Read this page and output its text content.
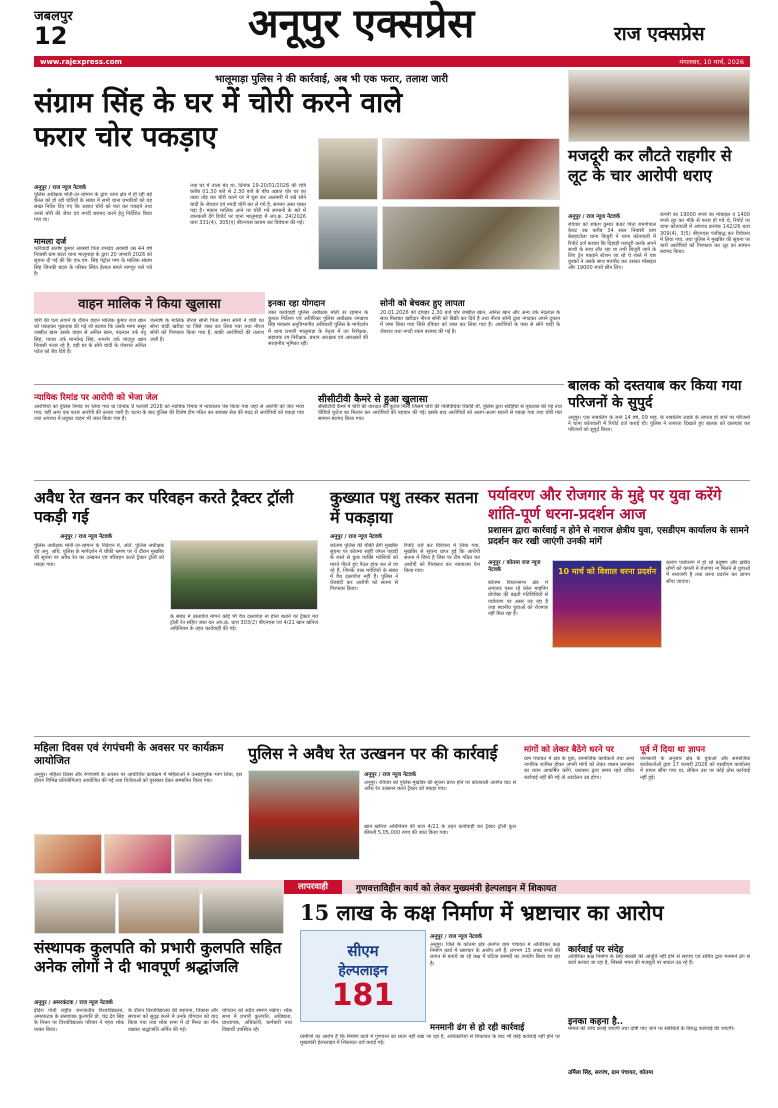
जबलपुर
12	अनूपुर एक्सप्रेस	राज एक्सप्रेस
www.rajexpress.com	मंगलवार, 10 मार्च, 2026
भालूमाड़ा पुलिस ने की कार्रवाई, अब भी एक फरार, तलाश जारी
संग्राम सिंह के घर में चोरी करने वाले फरार चोर पकड़ाए
अनूपुर / राज न्यूज नेटवर्क
पुलिस अधीक्षक मोती-उर-रहमान के द्वारा थाना क्षेत्र में हो रही बड़े चैनल को हो रही चोरियों के संबंध में सभी थाना प्रभारियों को यह सख्त निर्देश दिए गए कि अज्ञात चोरों को पता कर पकड़ने तथा उनसे चोरी की जेवर एवं नगदी बरामद करने हेतु निर्देशित किया गया था।
मामला दर्ज
फरियादी संतोष कुमार अवस्थी पिता रामदेव अवस्थी उम्र 44 वर्ष निवासी ग्राम बदरा थाना भालूमाड़ा के द्वारा 20 जनवरी 2026 को सूचना दी गई की कि एफ.एम. सिंह पेट्रोल पम्प के मालिक संग्राम सिंह जिनकी बदरा के परिसर स्थित हेलाल बगले नागपुर चले गये है।
तथा घर में ताला बंद था, दिनांक 19-20/01/2026 की रात्रि करीब 01.30 बजे से 2.30 बजे के बीच अज्ञात चोर घर का ताला तोड़ कर चोरी करने घर में घुस कर अलमारी में रखे सोने चांदी के जेवरात एवं नगदी चोरी कर ले गये है, सामान अस्त व्यस्त पड़ा है। मकान मालिक आने पर चोरी गये सामानों के बारे में जानकारी देंगे रिपोर्ट पर थाना भालूमाड़ा में अप.क्र. 24/2026 धारा 331(4), 305(ए) बीएनएस कायम कर विवेचना की गई।
वाहन मालिक ने किया खुलासा
चोरी की पता लगाने के दौरान वाहन मालिक कुमार राज खान को पकड़कर पूछताछ की गई जो बताया कि उसके मामा ससुर जब्बील खान उसके वाहन से अनिल खान, नंदलाल उर्फ नंदू सिंह, पातार उर्फ मानवेन्द्र सिंह, शमशेर उर्फ चांदपुर खान निवासी फरार रहे है, वही घर के सोने चांदी के जेवरात अनिल पटेल को बेच दिये हैं।
जलवर्ष के मालिक नीरज सोनी पिता उमेश सोनी ने चोरी का सोना चांदी खरीदा था जिसे जब्त कर लिया गया तथा नीरज सोनी को गिरफ्तार किया गया है, बाकी आरोपियों की तलाश जारी है।
इनका रहा योगदान
उक्त कार्यवाही पुलिस अधीक्षक मोती उर रहमान के कुशल निर्देशन एवं अतिरिक्त पुलिस अधीक्षक जगन्नाथ सिंह मरकाम अनुविभागीय अधिकारी पुलिस के मार्गदर्शन में थाना प्रभारी भालूमाड़ा के नेतृत्व में उप निरीक्षक, सहायक उप निरीक्षक, प्रधान आरक्षक एवं आरक्षकों की सराहनीय भूमिका रही।
सोनी को बेचकर हुए लापता
20.01.2026 को दोपहर 2.30 बजे चोर जब्बील खान, अनिल खान और अन्य उर्फ नंदलाल के साथ मिलकर खरीदार नीरज सोनी को बिक्री कर दिये है तथा नीरज सोनी द्वारा नगदकर अपने दुकान में जमा किया गया जिसे रविवार को जब्त कर लिया गया है। आरोपियों के पास से सोने चांदी के जेवरात तथा नगदी रकम बरामद की गई है।
न्यायिक रिमांड पर आरोपी को भेजा जेल
आरोपियों को पुलिस रिमांड पर लिया गया था दिनांक 9 फरवरी 2026 को न्यायिक रिमांड में न्यायालय पेश किया गया जहां से आरोपी को जेल भेजा गया, वहीं अन्य एक फरार आरोपी की तलाश जारी है। घटना के बाद पुलिस की विशेष टीम गठित कर सायबर सेल की मदद से आरोपियों को पकड़ा गया तथा अपराध में प्रयुक्त वाहन भी जब्त किया गया है।
सीसीटीवी कैमरे से हुआ खुलासा
सीसीटीवी कैमरे में चोरी की वारदात की फुटेज मिली जिसमें चोरों की गतिविधियां रिकॉर्ड थीं, पुलिस द्वारा संदेहियों से पूछताछ की गई तथा वीडियो फुटेज का मिलान कर आरोपियों की पहचान की गई। इसके बाद आरोपियों को अलग-अलग स्थानों से पकड़ा गया तथा चोरी गया सामान बरामद किया गया।
मजदूरी कर लौटते राहगीर से लूट के चार आरोपी धराए
अनूपुर / राज न्यूज नेटवर्क
रविवार को राकेश कुमार केवट पिता रामगोपाल केवट उम्र करीब 34 साल निवासी ग्राम बेलहाटोला थाना बिजुरी ने थाना कोतवाली में रिपोर्ट दर्ज कराया कि दिहाड़ी मजदूरी करके अपने साथी के साथ लौट रहा था तभी बिजुरी जाने के लिए ट्रेन पकड़ने स्टेशन जा रहे थे रास्ते में चार युवकों ने उसके साथ मारपीट कर उसका मोबाइल और 19000 रुपये छीन लिए।
कंपनी का 19000 रुपये का मोबाइल व 1400 रुपये लूट कर मौके से फरार हो गये थे, रिपोर्ट पर थाना कोतवाली में अपराध क्रमांक 142/26 धारा 309(4), 3(5) बीएनएस पंजीबद्ध कर विवेचना में लिया गया, तथा पुलिस ने मुखबिर की सूचना पर चारों आरोपियों को गिरफ्तार कर लूट का सामान बरामद किया।
बालक को दस्तयाब कर किया गया परिजनों के सुपुर्द
अनूपुर। एक नाबालिग के जाने 14 वर्ष, 09 माह, के नाबालिग लड़के के लापता हो जाने पर परिजनों ने थाना कोतवाली में रिपोर्ट दर्ज कराई थी। पुलिस ने तत्परता दिखाते हुए बालक को दस्तयाब कर परिजनों को सुपुर्द किया।
अवैध रेत खनन कर परिवहन करते ट्रैक्टर ट्रॉली पकड़ी गई
अनूपुर / राज न्यूज नेटवर्क
पुलिस अधीक्षक मोती-उर-रहमान के निर्देशन में, अति. पुलिस अधीक्षक एवं अनु. अधि. पुलिस के मार्गदर्शन में चौकी भ्रमण पर थे दौरान मुखबिर की सूचना पर अवैध रेत का उत्खनन एवं परिवहन करते ट्रैक्टर ट्रॉली को पकड़ा गया।
के संबंध में दस्तावेज मांगने कोई भी वैध दस्तावेज ना होना बताने पर ट्रैक्टर मय ट्रॉली रेत सहित जब्त कर अप.क्र. धारा 303(2) बीएनएस एवं 4/21 खान खनिज अधिनियम के तहत कार्यवाही की गई।
कुख्यात पशु तस्कर सतना में पकड़ाया
अनूपुर / राज न्यूज नेटवर्क
कोतमा पुलिस की चौकी ठेंगी मुखबिर सूचना पर कोतमा साहीं जंगल पहाड़ी के रास्ते से कुछ व्यक्ति मवेशियों को मारते पीटते हुए पैदल हांक कर ले जा रहे हैं, जिनके पास मवेशियों के संबंध में वैध दस्तावेज नहीं हैं। पुलिस ने घेराबंदी कर आरोपी को सतना से गिरफ्तार किया।
रिपोर्ट दर्ज कर विवेचना में लिया गया, मुखबिर से सूचना प्राप्त हुई कि आरोपी सतना में छिपा है जिस पर टीम गठित कर आरोपी को गिरफ्तार कर न्यायालय पेश किया गया।
पर्यावरण और रोजगार के मुद्दे पर युवा करेंगे शांति-पूर्ण धरना-प्रदर्शन आज
प्रशासन द्वारा कार्रवाई न होने से नाराज क्षेत्रीय युवा, एसडीएम कार्यालय के सामने प्रदर्शन कर रखी जाएंगी उनकी मांगें
अनूपुर / कोतमा राज न्यूज नेटवर्क
कोतमा विधानसभा क्षेत्र में लगातार पसर रहे कोल माइनिंग प्रोजेक्ट की बढ़ती गतिविधियों से पर्यावरण पर असर पड़ रहा है तथा स्थानीय युवाओं को रोजगार नहीं मिल रहा है।
10 मार्च को विशाल धरना प्रदर्शन
कारण पर्यावरण में हो रहे प्रदूषण और क्षेत्रीय लोगों को कंपनी में रोजगार ना मिलने से युवाओं में नाराजगी है तथा धरना प्रदर्शन कर ज्ञापन सौंपा जाएगा।
महिला दिवस एवं रंगपंचमी के अवसर पर कार्यक्रम आयोजित
अनूपुर। महिला दिवस और रंगपंचमी के अवसर पर आयोजित कार्यक्रम में महिलाओं ने उत्साहपूर्वक भाग लिया, इस दौरान विभिन्न प्रतियोगिताएं आयोजित की गईं तथा विजेताओं को पुरस्कार देकर सम्मानित किया गया।
पुलिस ने अवैध रेत उत्खनन पर की कार्रवाई
अनूपुर / राज न्यूज नेटवर्क
अनूपुर। रविवार को पुलिस मुखबिर की सूचना प्राप्त होने पर कोतवाली अंतर्गत घाट से अवैध रेत उत्खनन करते ट्रैक्टर को पकड़ा गया।
खान खनिज अधिनियम की धारा 4/21 के तहत कार्यवाही कर ट्रैक्टर ट्रॉली कुल कीमती 5,05,000 रुपए की जब्त किया गया।
मांगों को लेकर बैठेंगे धरने पर
ग्राम पंचायत में क्षेत्र के युवा, सामाजिक कार्यकर्ता तथा अन्य नागरिक शामिल होकर अपनी मांगों को लेकर शासन प्रशासन का ध्यान आकर्षित करेंगे, प्रशासन द्वारा समय रहते उचित कार्रवाई नहीं की गई तो आंदोलन उग्र होगा।
पूर्व में दिया था ज्ञापन
जानकारी के अनुसार क्षेत्र के युवाओं और सामाजिक कार्यकर्ताओं द्वारा 17 फरवरी 2026 को एसडीएम कार्यालय में ज्ञापन सौंपा गया था, लेकिन उस पर कोई ठोस कार्रवाई नहीं हुई।
लापरवाही	गुणवत्ताविहीन कार्य को लेकर मुख्यमंत्री हेल्पलाइन में शिकायत
संस्थापक कुलपति को प्रभारी कुलपति सहित अनेक लोगों ने दी भावपूर्ण श्रद्धांजलि
अनूपुर / अमरकंटक / राज न्यूज नेटवर्क
इंदिरा गांधी राष्ट्रीय जनजातीय विश्वविद्यालय, अमरकंटक के संस्थापक कुलपति प्रो. चंद्र देव सिंह के निधन पर विश्वविद्यालय परिवार ने गहरा शोक व्यक्त किया।
के दौरान विश्वविद्यालय की स्थापना, विकास और संरचना को सुदृढ़ करने में उनके योगदान को याद किया गया तथा शोक सभा में दो मिनट का मौन रखकर श्रद्धांजलि अर्पित की गई।
योगदान को सदैव स्मरण रखेगा। शोक सभा में प्रभारी कुलपति, अधिष्ठाता, प्राध्यापक, अधिकारी, कर्मचारी तथा विद्यार्थी उपस्थित रहे।
15 लाख के कक्ष निर्माण में भ्रष्टाचार का आरोप
सीएम
हेल्पलाइन
181
अनूपुर / राज न्यूज नेटवर्क
अनूपुर। जिले के कोतमा क्षेत्र अंतर्गत ग्राम पंचायत में अतिरिक्त कक्ष निर्माण कार्य में भ्रष्टाचार के आरोप लगे हैं, लगभग 15 लाख रुपये की लागत से बनाये जा रहे कक्ष में घटिया सामग्री का उपयोग किया जा रहा है।
मनमानी ढंग से हो रही कार्रवाई
ग्रामीणों का आरोप है कि निर्माण कार्य में गुणवत्ता का ध्यान नहीं रखा जा रहा है, अधिकारियों से शिकायत के बाद भी कोई कार्रवाई नहीं होने पर मुख्यमंत्री हेल्पलाइन में शिकायत दर्ज कराई गई।
कार्रवाई पर संदेह
अतिरिक्त कक्ष निर्माण के लिए स्वच्छी की आपूर्ति नहीं होने से सरपंच एवं सचिव द्वारा मनमाने ढंग से कार्य कराया जा रहा है, जिससे भवन की मजबूती पर सवाल उठ रहे हैं।
इनका कहना है..
मामले की जांच कराई जाएगी तथा दोषी पाए जाने पर संबंधितों के विरुद्ध कार्रवाई की जाएगी।
उर्मिला सिंह, सरपंच, ग्राम पंचायत, कोतमा
